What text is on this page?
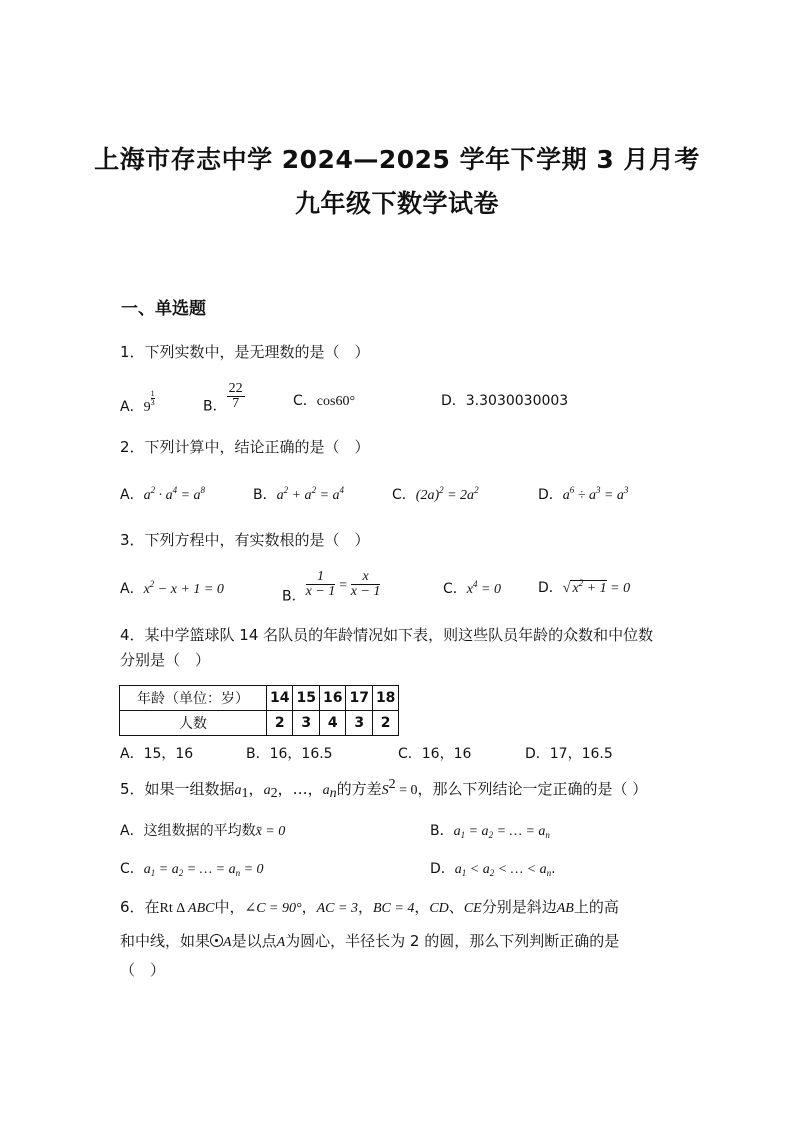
上海市存志中学 2024—2025 学年下学期 3 月月考
九年级下数学试卷
一、单选题
1．下列实数中，是无理数的是（　）
A．9
$\frac{1}{3}$	B． $\frac{22}{7}$	C．cos60°	D．3.3030030003
2．下列计算中，结论正确的是（　）
A．$a^2 \cdot a^4 = a^8$	B．$a^2 + a^2 = a^4$	C．$(2a)^2 = 2a^2$	D．$a^6 \div a^3 = a^3$
3．下列方程中，有实数根的是（　）
A．$x^2 - x + 1 = 0$	B． $\frac{1}{x - 1} = \frac{x}{x - 1}$	C．$x^4 = 0$	D．√ $x^2 + 1 = 0$
4．某中学篮球队 14 名队员的年龄情况如下表，则这些队员年龄的众数和中位数
分别是（　）
年龄（单位：岁）	14	15	16	17	18
人数	2	3	4	3	2
A．15，16	B．16，16.5	C．16，16	D．17，16.5
5．如果一组数据$a_1$，$a_2$，…，$a_n$的方差$S^2 = 0$，那么下列结论一定正确的是（ ）
A．这组数据的平均数x̄ = 0	B．$a_1 = a_2$ = … = $a_n$
C．$a_1 = a_2$ = … = $a_n = 0$	D．$a_1 < a_2$ < … < $a_n$.
6．在Rt Δ ABC中，∠C = 90°，AC = 3，BC = 4，CD、CE分别是斜边AB上的高
和中线，如果 A是以点A为圆心，半径长为 2 的圆，那么下列判断正确的是
（　）
